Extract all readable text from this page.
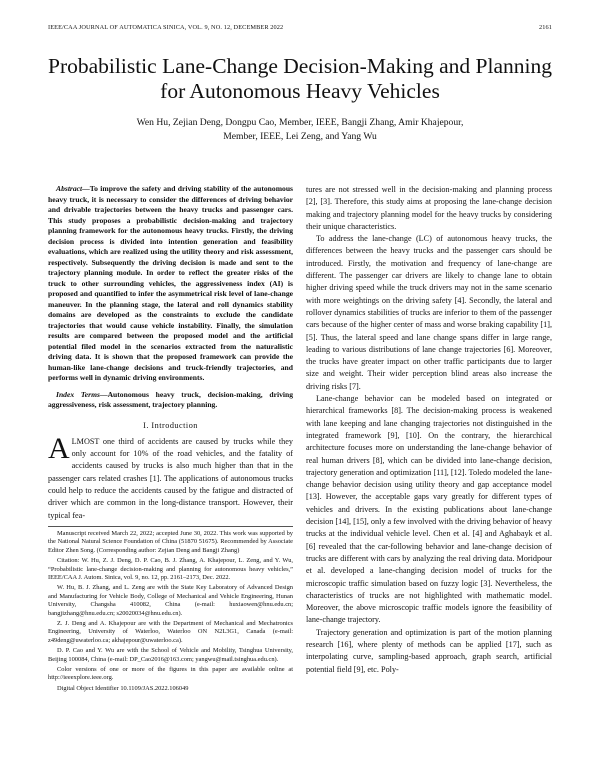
IEEE/CAA JOURNAL OF AUTOMATICA SINICA, VOL. 9, NO. 12, DECEMBER 2022	2161
Probabilistic Lane-Change Decision-Making and Planning for Autonomous Heavy Vehicles
Wen Hu, Zejian Deng, Dongpu Cao, Member, IEEE, Bangji Zhang, Amir Khajepour,
Member, IEEE, Lei Zeng, and Yang Wu

Abstract—To improve the safety and driving stability of the autonomous heavy truck, it is necessary to consider the differences of driving behavior and drivable trajectories between the heavy trucks and passenger cars. This study proposes a probabilistic decision-making and trajectory planning framework for the autonomous heavy trucks. Firstly, the driving decision process is divided into intention generation and feasibility evaluations, which are realized using the utility theory and risk assessment, respectively. Subsequently the driving decision is made and sent to the trajectory planning module. In order to reflect the greater risks of the truck to other surrounding vehicles, the aggressiveness index (AI) is proposed and quantified to infer the asymmetrical risk level of lane-change maneuver. In the planning stage, the lateral and roll dynamics stability domains are developed as the constraints to exclude the candidate trajectories that would cause vehicle instability. Finally, the simulation results are compared between the proposed model and the artificial potential filed model in the scenarios extracted from the naturalistic driving data. It is shown that the proposed framework can provide the human-like lane-change decisions and truck-friendly trajectories, and performs well in dynamic driving environments.

Index Terms—Autonomous heavy truck, decision-making, driving aggressiveness, risk assessment, trajectory planning.

I. Introduction

ALMOST one third of accidents are caused by trucks while they only account for 10% of the road vehicles, and the fatality of accidents caused by trucks is also much higher than that in the passenger cars related crashes [1]. The applications of autonomous trucks could help to reduce the accidents caused by the fatigue and distracted of driver which are common in the long-distance transport. However, their typical fea-

Manuscript received March 22, 2022; accepted June 30, 2022. This work was supported by the National Natural Science Foundation of China (51870 51675). Recommended by Associate Editor Zhen Song. (Corresponding author: Zejian Deng and Bangji Zhang)

Citation: W. Hu, Z. J. Deng, D. P. Cao, B. J. Zhang, A. Khajepour, L. Zeng, and Y. Wu, “Probabilistic lane-change decision-making and planning for autonomous heavy vehicles,” IEEE/CAA J. Autom. Sinica, vol. 9, no. 12, pp. 2161–2173, Dec. 2022.

W. Hu, B. J. Zhang, and L. Zeng are with the State Key Laboratory of Advanced Design and Manufacturing for Vehicle Body, College of Mechanical and Vehicle Engineering, Hunan University, Changsha 410082, China (e-mail: huxiaowen@hnu.edu.cn; bangjizhang@hnu.edu.cn; s20020034@hnu.edu.cn).

Z. J. Deng and A. Khajepour are with the Department of Mechanical and Mechatronics Engineering, University of Waterloo, Waterloo ON N2L3G1, Canada (e-mail: z49deng@uwaterloo.ca; akhajepour@uwaterloo.ca).

D. P. Cao and Y. Wu are with the School of Vehicle and Mobility, Tsinghua University, Beijing 100084, China (e-mail: DP_Cao2016@163.com; yangwu@mail.tsinghua.edu.cn).

Color versions of one or more of the figures in this paper are available online at http://ieeexplore.ieee.org.

Digital Object Identifier 10.1109/JAS.2022.106049

tures are not stressed well in the decision-making and planning process [2], [3]. Therefore, this study aims at proposing the lane-change decision making and trajectory planning model for the heavy trucks by considering their unique characteristics.

To address the lane-change (LC) of autonomous heavy trucks, the differences between the heavy trucks and the passenger cars should be introduced. Firstly, the motivation and frequency of lane-change are different. The passenger car drivers are likely to change lane to obtain higher driving speed while the truck drivers may not in the same scenario with more weightings on the driving safety [4]. Secondly, the lateral and rollover dynamics stabilities of trucks are inferior to them of the passenger cars because of the higher center of mass and worse braking capability [1], [5]. Thus, the lateral speed and lane change spans differ in large range, leading to various distributions of lane change trajectories [6]. Moreover, the trucks have greater impact on other traffic participants due to larger size and weight. Their wider perception blind areas also increase the driving risks [7].

Lane-change behavior can be modeled based on integrated or hierarchical frameworks [8]. The decision-making process is weakened with lane keeping and lane changing trajectories not distinguished in the integrated framework [9], [10]. On the contrary, the hierarchical architecture focuses more on understanding the lane-change behavior of real human drivers [8], which can be divided into lane-change decision, trajectory generation and optimization [11], [12]. Toledo modeled the lane-change behavior decision using utility theory and gap acceptance model [13]. However, the acceptable gaps vary greatly for different types of vehicles and drivers. In the existing publications about lane-change decision [14], [15], only a few involved with the driving behavior of heavy trucks at the individual vehicle level. Chen et al. [4] and Aghabayk et al. [6] revealed that the car-following behavior and lane-change decision of trucks are different with cars by analyzing the real driving data. Moridpour et al. developed a lane-changing decision model of trucks for the microscopic traffic simulation based on fuzzy logic [3]. Nevertheless, the characteristics of trucks are not highlighted with mathematic model. Moreover, the above microscopic traffic models ignore the feasibility of lane-change trajectory.

Trajectory generation and optimization is part of the motion planning research [16], where plenty of methods can be applied [17], such as interpolating curve, sampling-based approach, graph search, artificial potential field [9], etc. Poly-
